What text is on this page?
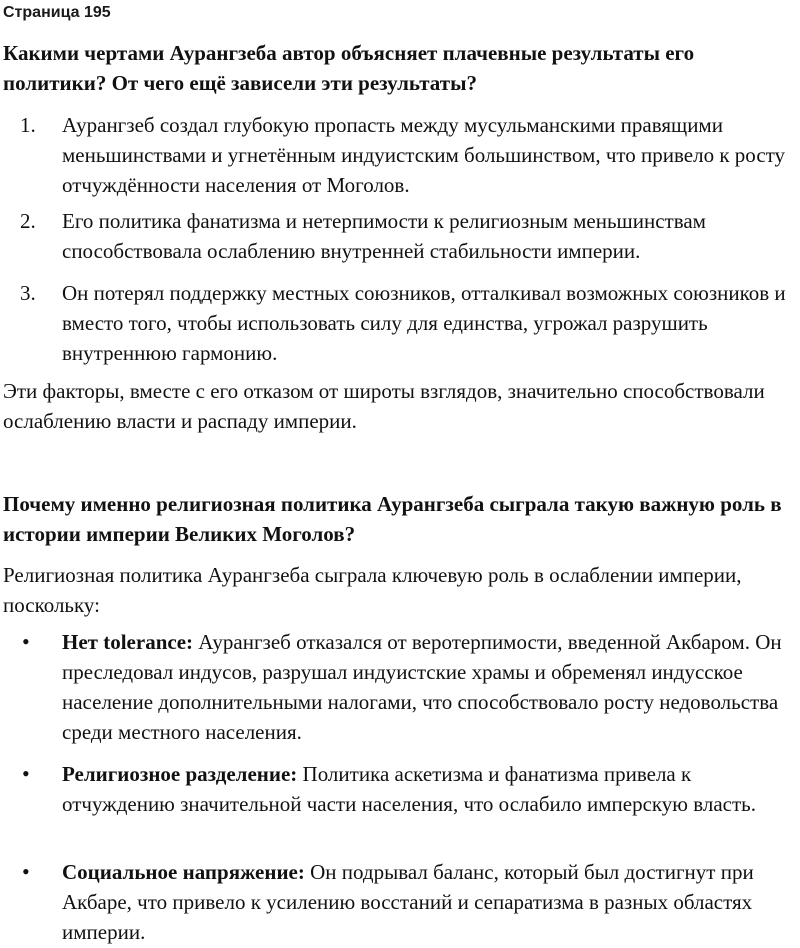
Страница 195
Какими чертами Аурангзеба автор объясняет плачевные результаты его политики? От чего ещё зависели эти результаты?
1. Аурангзеб создал глубокую пропасть между мусульманскими правящими меньшинствами и угнетённым индуистским большинством, что привело к росту отчуждённости населения от Моголов.
2. Его политика фанатизма и нетерпимости к религиозным меньшинствам способствовала ослаблению внутренней стабильности империи.
3. Он потерял поддержку местных союзников, отталкивал возможных союзников и вместо того, чтобы использовать силу для единства, угрожал разрушить внутреннюю гармонию.
Эти факторы, вместе с его отказом от широты взглядов, значительно способствовали ослаблению власти и распаду империи.
Почему именно религиозная политика Аурангзеба сыграла такую важную роль в истории империи Великих Моголов?
Религиозная политика Аурангзеба сыграла ключевую роль в ослаблении империи, поскольку:
• Нет tolerance: Аурангзеб отказался от веротерпимости, введенной Акбаром. Он преследовал индусов, разрушал индуистские храмы и обременял индусское население дополнительными налогами, что способствовало росту недовольства среди местного населения.
• Религиозное разделение: Политика аскетизма и фанатизма привела к отчуждению значительной части населения, что ослабило имперскую власть.
• Социальное напряжение: Он подрывал баланс, который был достигнут при Акбаре, что привело к усилению восстаний и сепаратизма в разных областях империи.
